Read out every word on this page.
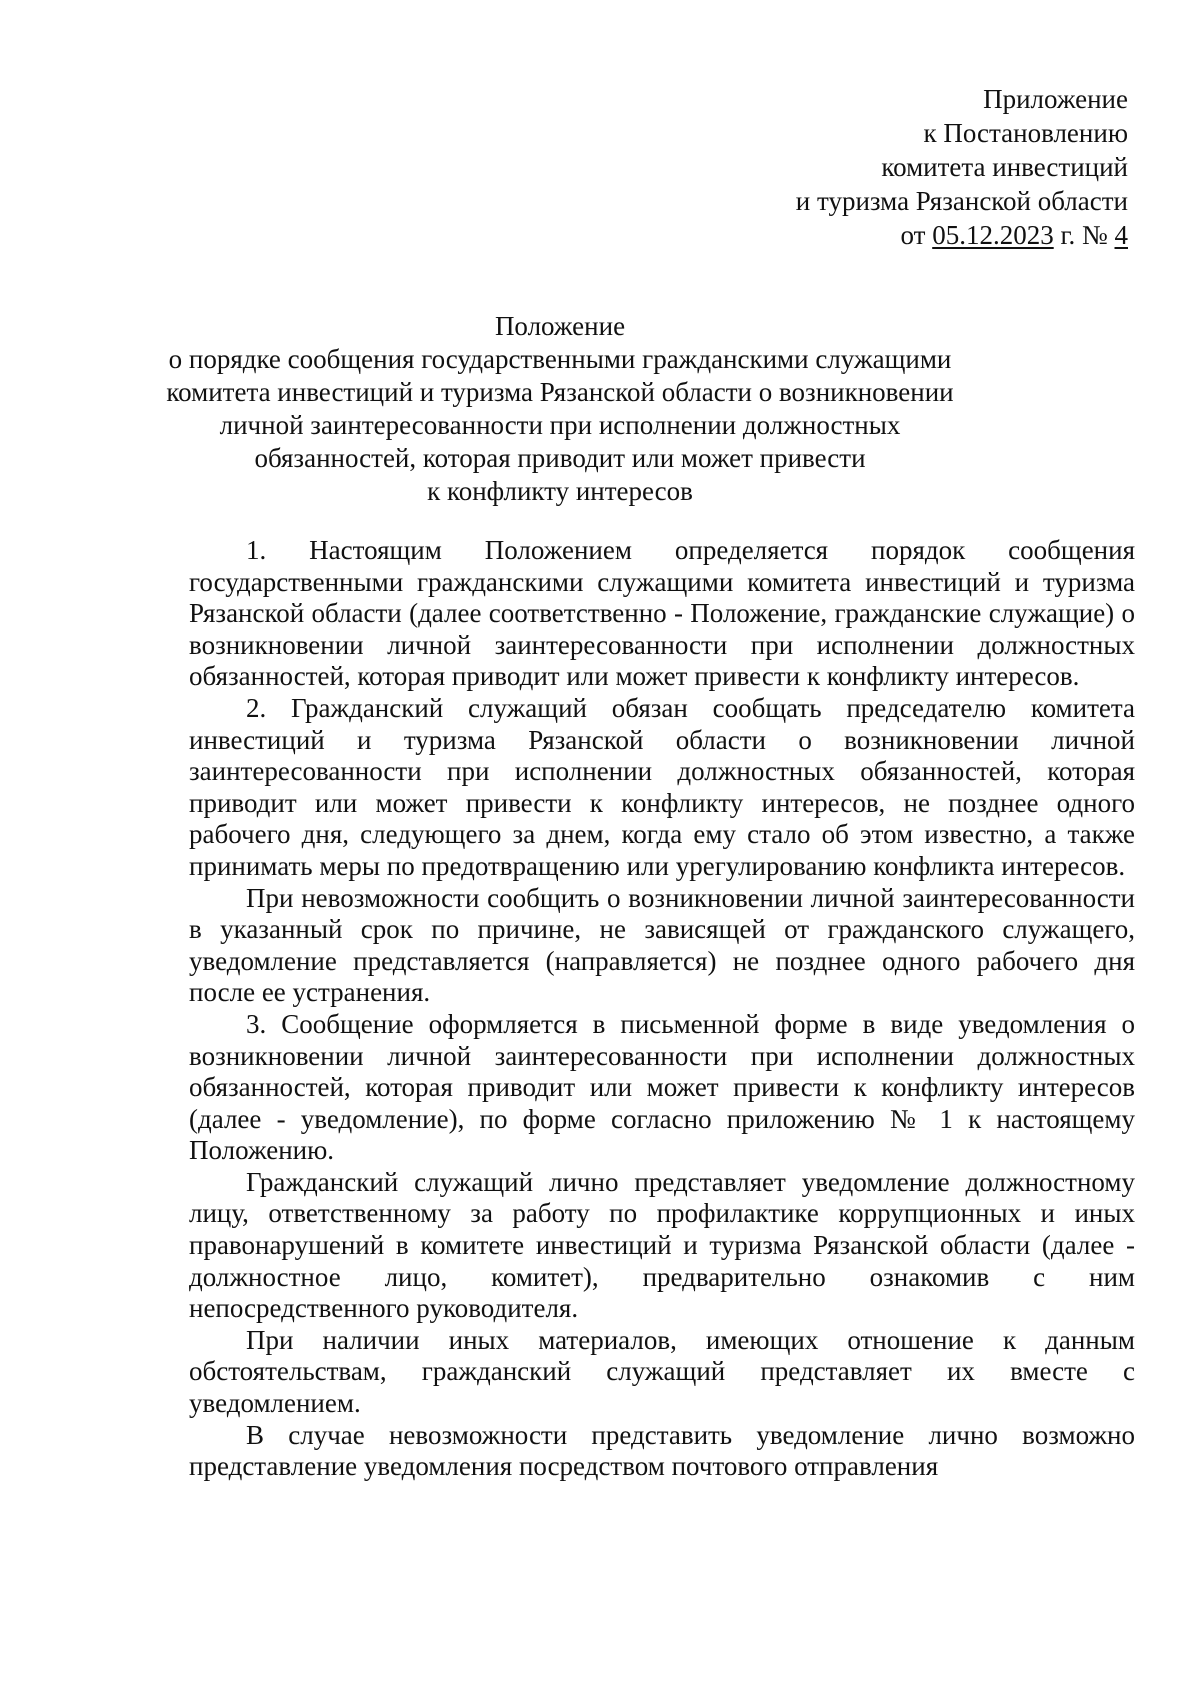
Приложение
к Постановлению
комитета инвестиций
и туризма Рязанской области
от 05.12.2023 г. № 4
Положение
о порядке сообщения государственными гражданскими служащими
комитета инвестиций и туризма Рязанской области о возникновении
личной заинтересованности при исполнении должностных
обязанностей, которая приводит или может привести
к конфликту интересов

1. Настоящим Положением определяется порядок сообщения государственными гражданскими служащими комитета инвестиций и туризма Рязанской области (далее соответственно - Положение, гражданские служащие) о возникновении личной заинтересованности при исполнении должностных обязанностей, которая приводит или может привести к конфликту интересов.

2. Гражданский служащий обязан сообщать председателю комитета инвестиций и туризма Рязанской области о возникновении личной заинтересованности при исполнении должностных обязанностей, которая приводит или может привести к конфликту интересов, не позднее одного рабочего дня, следующего за днем, когда ему стало об этом известно, а также принимать меры по предотвращению или урегулированию конфликта интересов.

При невозможности сообщить о возникновении личной заинтересованности в указанный срок по причине, не зависящей от гражданского служащего, уведомление представляется (направляется) не позднее одного рабочего дня после ее устранения.

3. Сообщение оформляется в письменной форме в виде уведомления о возникновении личной заинтересованности при исполнении должностных обязанностей, которая приводит или может привести к конфликту интересов (далее - уведомление), по форме согласно приложению № 1 к настоящему Положению.

Гражданский служащий лично представляет уведомление должностному лицу, ответственному за работу по профилактике коррупционных и иных правонарушений в комитете инвестиций и туризма Рязанской области (далее - должностное лицо, комитет), предварительно ознакомив с ним непосредственного руководителя.

При наличии иных материалов, имеющих отношение к данным обстоятельствам, гражданский служащий представляет их вместе с уведомлением.

В случае невозможности представить уведомление лично возможно представление уведомления посредством почтового отправления
